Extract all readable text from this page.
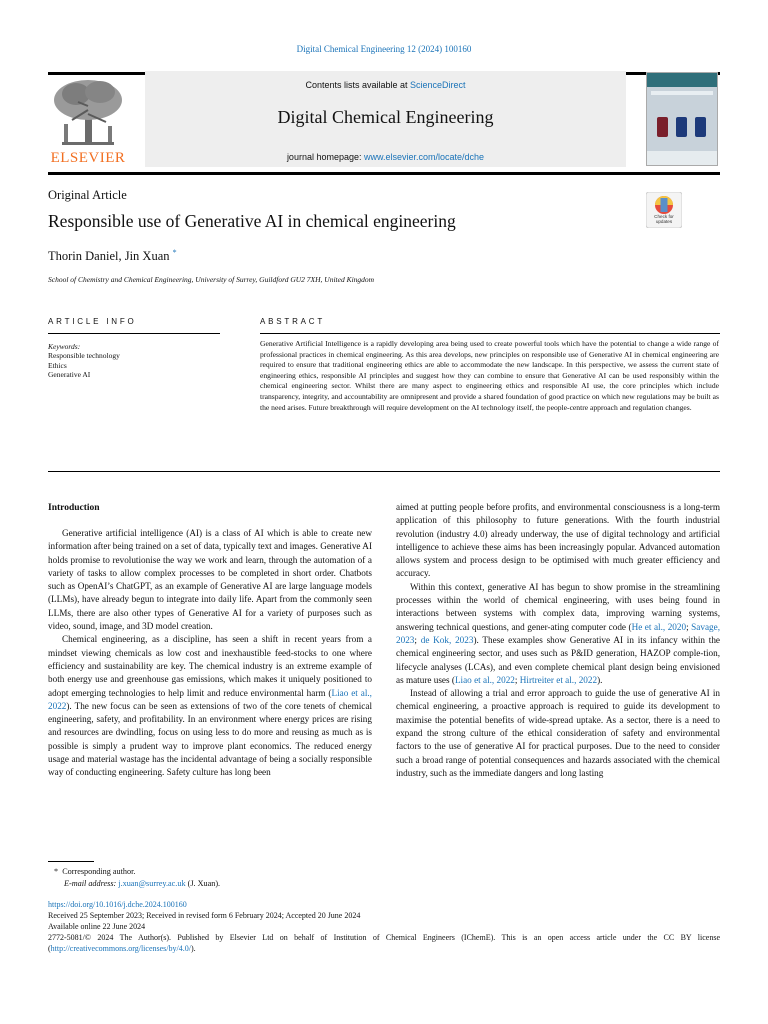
Digital Chemical Engineering 12 (2024) 100160
ELSEVIER
Contents lists available at ScienceDirect
Digital Chemical Engineering
journal homepage: www.elsevier.com/locate/dche
Original Article
Responsible use of Generative AI in chemical engineering
Thorin Daniel, Jin Xuan *
School of Chemistry and Chemical Engineering, University of Surrey, Guildford GU2 7XH, United Kingdom
Check for
updates
ARTICLE INFO	ABSTRACT
Keywords:
Responsible technology
Ethics
Generative AI
Generative Artificial Intelligence is a rapidly developing area being used to create powerful tools which have the potential to change a wide range of professional practices in chemical engineering. As this area develops, new principles on responsible use of Generative AI in chemical engineering are required to ensure that traditional engineering ethics are able to accommodate the new landscape. In this perspective, we assess the current state of engineering ethics, responsible AI principles and suggest how they can combine to ensure that Generative AI can be used responsibly within the chemical engineering sector. Whilst there are many aspect to engineering ethics and responsible AI use, the core principles which include transparency, integrity, and accountability are omnipresent and provide a shared foundation of good practice on which new regulations may be built as the need arises. Future breakthrough will require development on the AI technology itself, the people-centre approach and regulation changes.
Introduction

Generative artificial intelligence (AI) is a class of AI which is able to create new information after being trained on a set of data, typically text and images. Generative AI holds promise to revolutionise the way we work and learn, through the automation of a variety of tasks to allow complex processes to be completed in short order. Chatbots such as OpenAI’s ChatGPT, as an example of Generative AI are large language models (LLMs), have already begun to integrate into daily life. Apart from the commonly seen LLMs, there are also other types of Generative AI for a variety of purposes such as video, sound, image, and 3D model creation.

Chemical engineering, as a discipline, has seen a shift in recent years from a mindset viewing chemicals as low cost and inexhaustible feed-stocks to one where efficiency and sustainability are key. The chemical industry is an extreme example of both energy use and greenhouse gas emissions, which makes it uniquely positioned to adopt emerging technologies to help limit and reduce environmental harm (Liao et al., 2022). The new focus can be seen as extensions of two of the core tenets of chemical engineering, safety, and profitability. In an environment where energy prices are rising and resources are dwindling, focus on using less to do more and reusing as much as is possible is simply a prudent way to improve plant economics. The reduced energy usage and material wastage has the incidental advantage of being a socially responsible way of conducting engineering. Safety culture has long been

aimed at putting people before profits, and environmental consciousness is a long-term application of this philosophy to future generations. With the fourth industrial revolution (industry 4.0) already underway, the use of digital technology and artificial intelligence to achieve these aims has been increasingly popular. Advanced automation allows system and process design to be optimised with much greater efficiency and accuracy.

Within this context, generative AI has begun to show promise in the streamlining processes within the world of chemical engineering, with uses being found in interactions between systems with complex data, improving warning systems, answering technical questions, and gener-ating computer code (He et al., 2020; Savage, 2023; de Kok, 2023). These examples show Generative AI in its infancy within the chemical engineering sector, and uses such as P&ID generation, HAZOP comple-tion, lifecycle analyses (LCAs), and even complete chemical plant design being envisioned as mature uses (Liao et al., 2022; Hirtreiter et al., 2022).

Instead of allowing a trial and error approach to guide the use of generative AI in chemical engineering, a proactive approach is required to guide its development to maximise the potential benefits of wide-spread uptake. As a sector, there is a need to expand the strong culture of the ethical consideration of safety and environmental factors to the use of generative AI for practical purposes. Due to the need to consider such a broad range of potential consequences and hazards associated with the chemical industry, such as the immediate dangers and long lasting

* Corresponding author.
E-mail address: j.xuan@surrey.ac.uk (J. Xuan).
https://doi.org/10.1016/j.dche.2024.100160
Received 25 September 2023; Received in revised form 6 February 2024; Accepted 20 June 2024
Available online 22 June 2024
2772-5081/© 2024 The Author(s). Published by Elsevier Ltd on behalf of Institution of Chemical Engineers (IChemE). This is an open access article under the CC BY license (http://creativecommons.org/licenses/by/4.0/).
